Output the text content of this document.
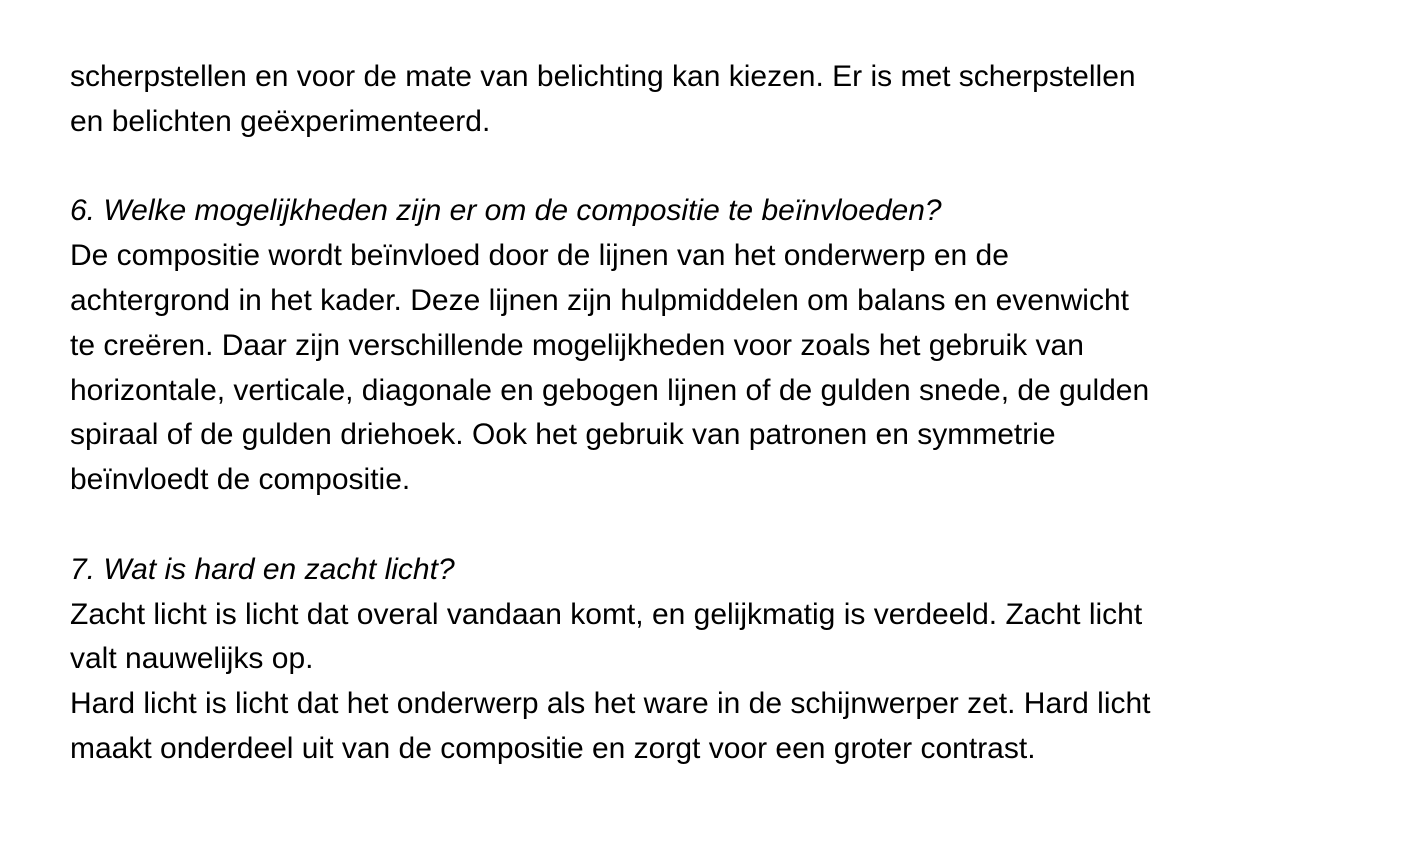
scherpstellen en voor de mate van belichting kan kiezen. Er is met scherpstellen
en belichten geëxperimenteerd.
6. Welke mogelijkheden zijn er om de compositie te beïnvloeden?
De compositie wordt beïnvloed door de lijnen van het onderwerp en de
achtergrond in het kader. Deze lijnen zijn hulpmiddelen om balans en evenwicht
te creëren. Daar zijn verschillende mogelijkheden voor zoals het gebruik van
horizontale, verticale, diagonale en gebogen lijnen of de gulden snede, de gulden
spiraal of de gulden driehoek. Ook het gebruik van patronen en symmetrie
beïnvloedt de compositie.
7. Wat is hard en zacht licht?
Zacht licht is licht dat overal vandaan komt, en gelijkmatig is verdeeld. Zacht licht
valt nauwelijks op.
Hard licht is licht dat het onderwerp als het ware in de schijnwerper zet. Hard licht
maakt onderdeel uit van de compositie en zorgt voor een groter contrast.
